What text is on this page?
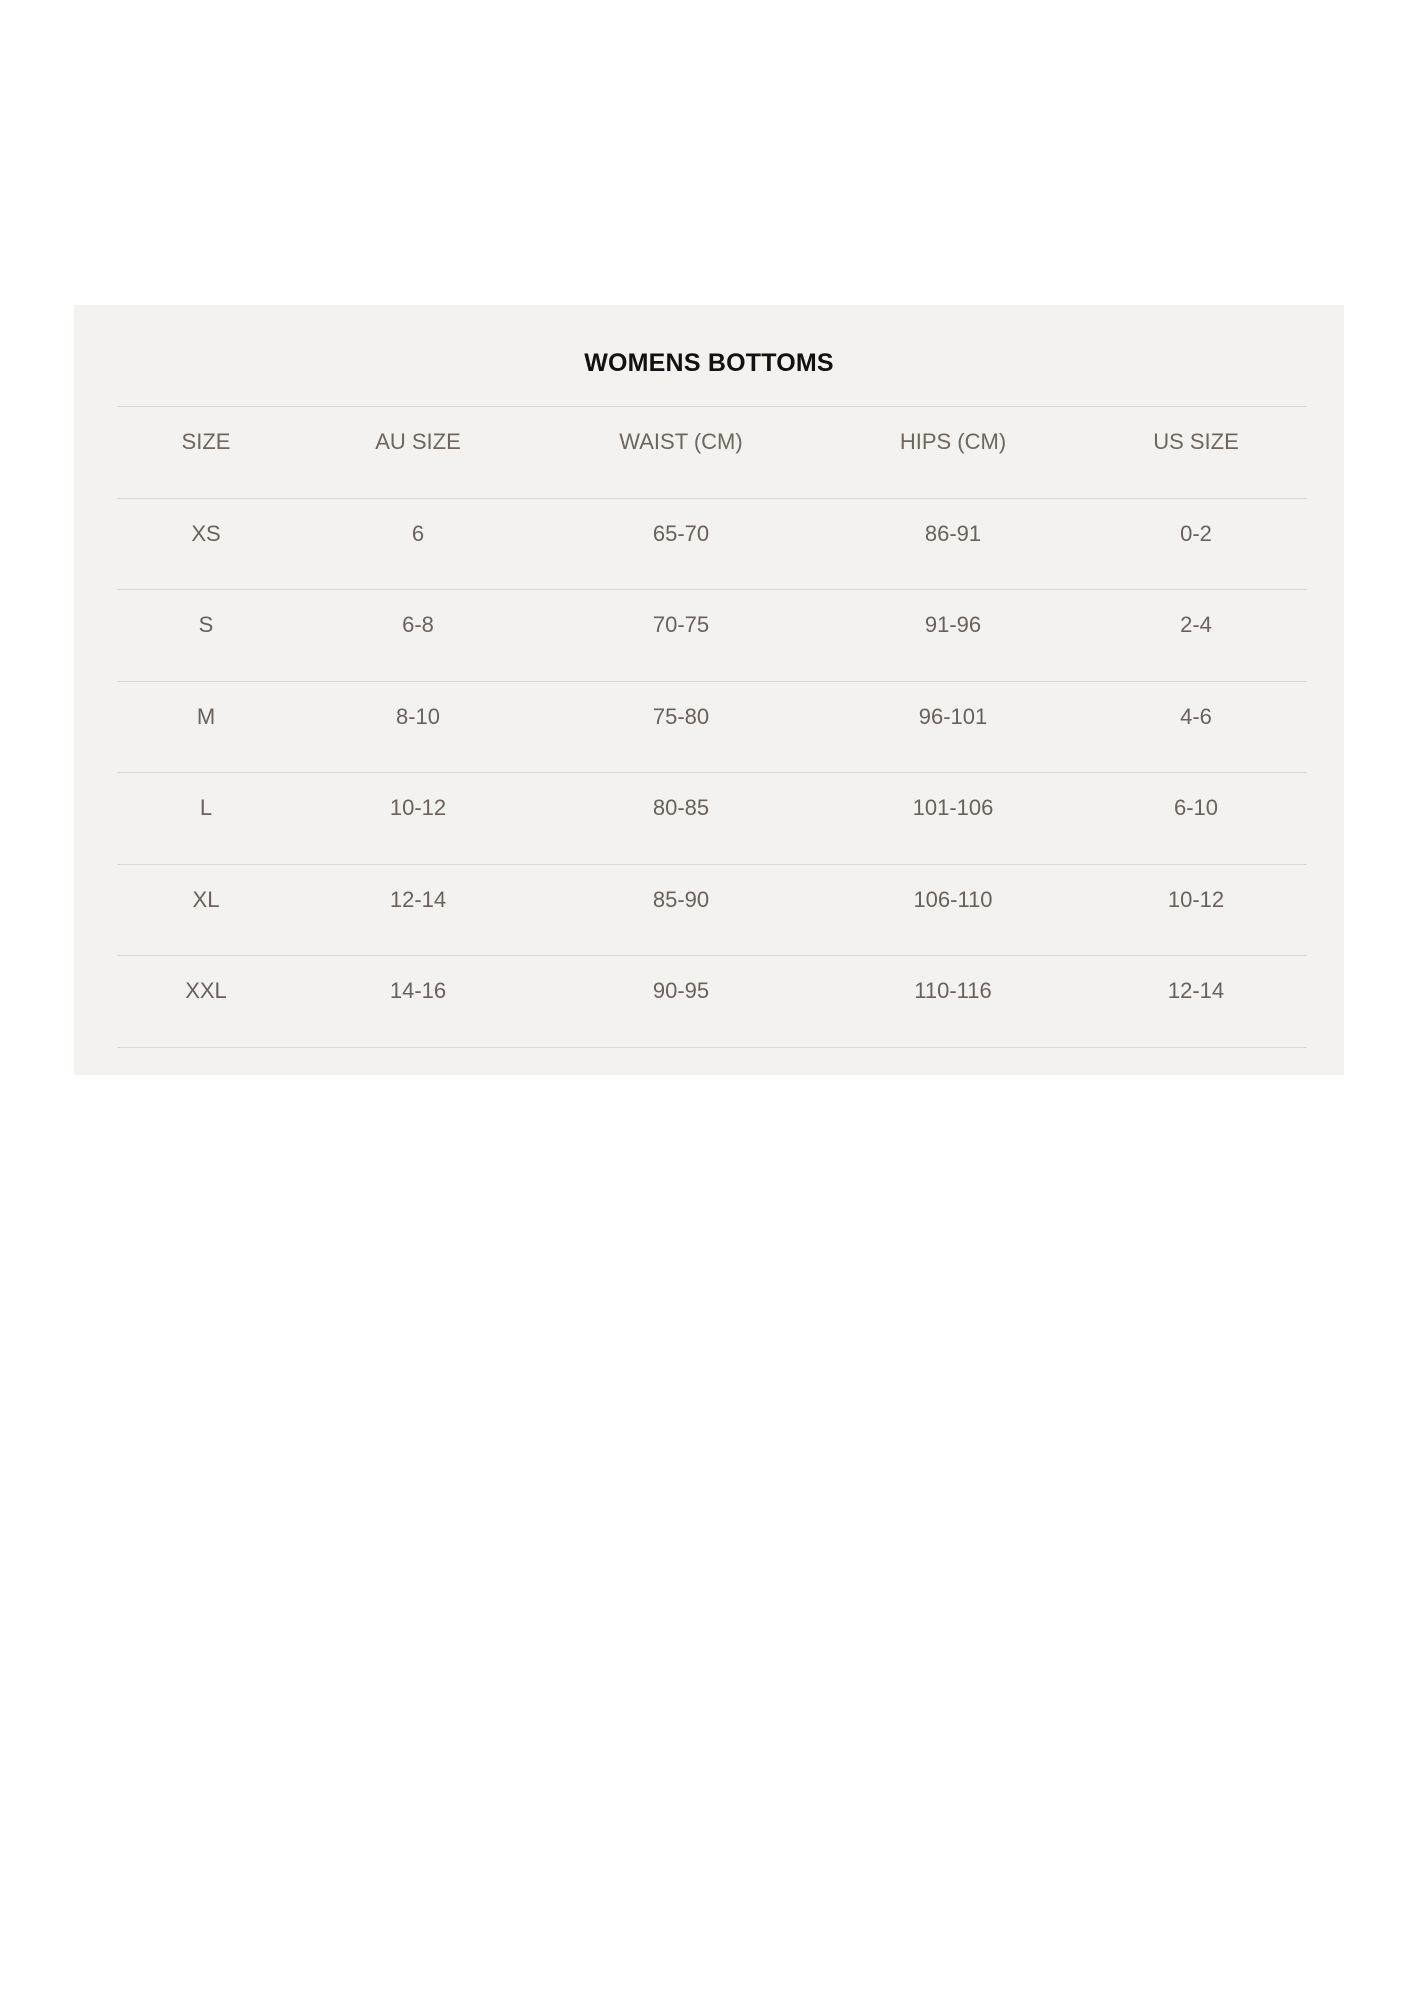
WOMENS BOTTOMS
SIZE	AU SIZE	WAIST (CM)	HIPS (CM)	US SIZE
XS	6	65-70	86-91	0-2
S	6-8	70-75	91-96	2-4
M	8-10	75-80	96-101	4-6
L	10-12	80-85	101-106	6-10
XL	12-14	85-90	106-110	10-12
XXL	14-16	90-95	110-116	12-14
